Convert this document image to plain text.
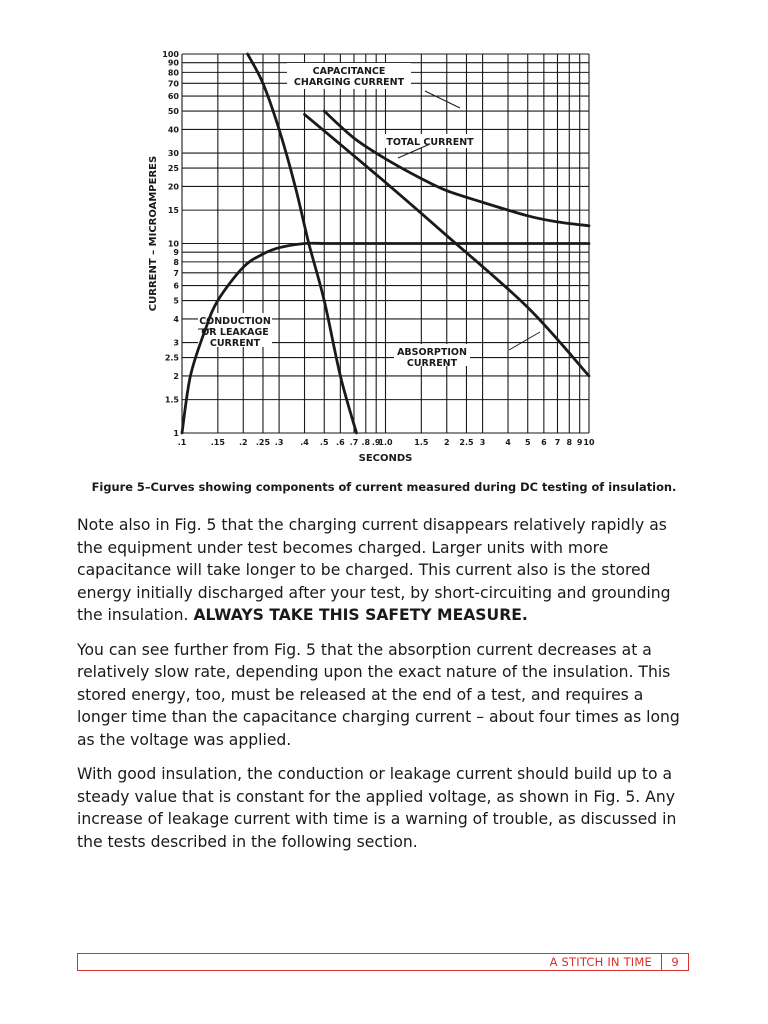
CAPACITANCE
CHARGING CURRENT
TOTAL CURRENT
CONDUCTION
OR LEAKAGE
CURRENT
ABSORPTION
CURRENT
.1	.15 .2 .25 .3 .4 .5 .6 .7 .8 .9
1.0	1.5 2 2.5 3 4 5 6 7 8 9 10
1
1.5
2
2.5
3
4
5
6
7
8
9
10
15
20
25
30
40
50
60
70
80
90
100
SECONDS
CURRENT – MICROAMPERES
Figure 5–Curves showing components of current measured during DC testing of insulation.

Note also in Fig. 5 that the charging current disappears relatively rapidly as the equipment under test becomes charged. Larger units with more capacitance will take longer to be charged. This current also is the stored energy initially discharged after your test, by short-circuiting and grounding the insulation. ALWAYS TAKE THIS SAFETY MEASURE.

You can see further from Fig. 5 that the absorption current decreases at a relatively slow rate, depending upon the exact nature of the insulation. This stored energy, too, must be released at the end of a test, and requires a longer time than the capacitance charging current – about four times as long as the voltage was applied.

With good insulation, the conduction or leakage current should build up to a steady value that is constant for the applied voltage, as shown in Fig. 5. Any increase of leakage current with time is a warning of trouble, as discussed in the tests described in the following section.

A STITCH IN TIME	9
